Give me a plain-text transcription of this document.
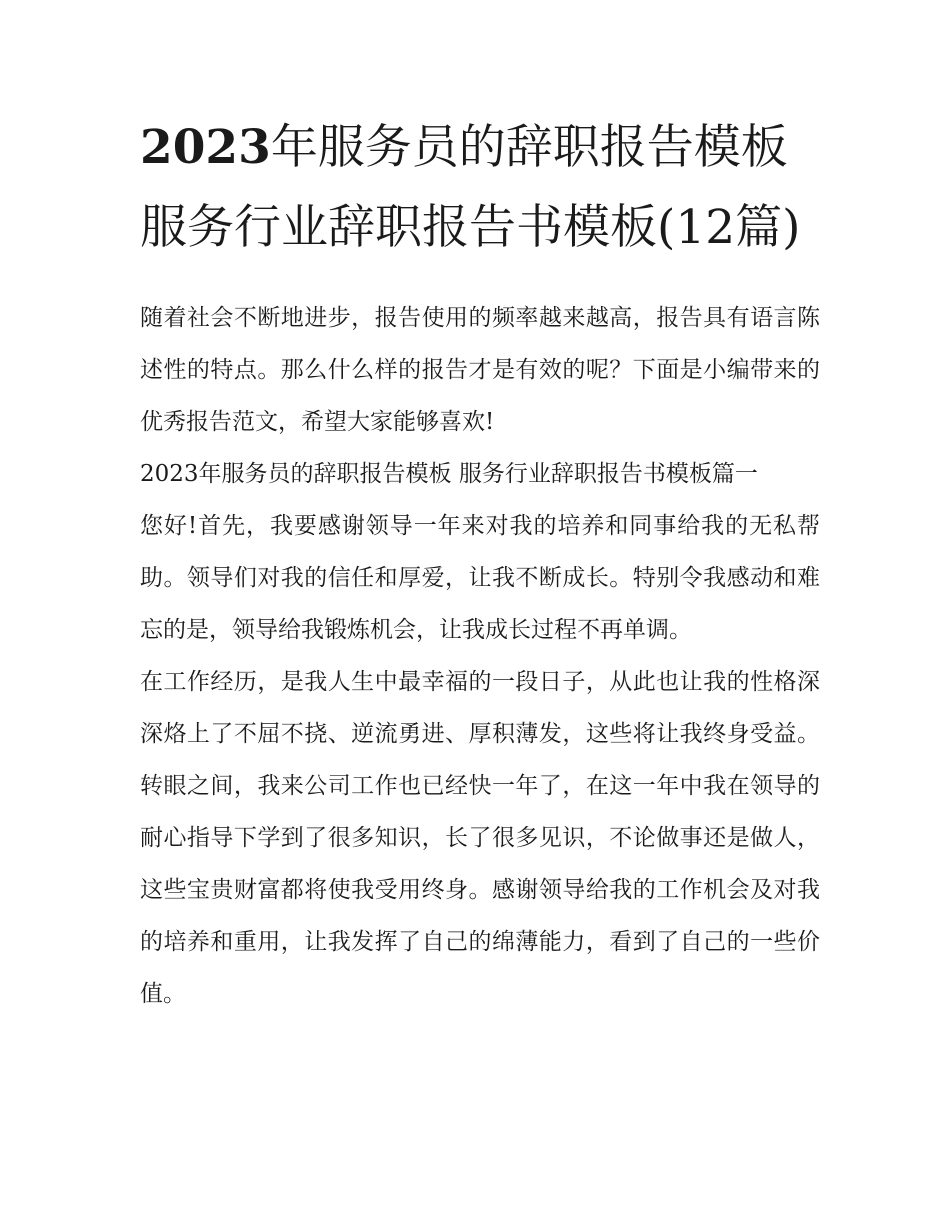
2023年服务员的辞职报告模板 服务行业辞职报告书模板(12篇)

随着社会不断地进步，报告使用的频率越来越高，报告具有语言陈述性的特点。那么什么样的报告才是有效的呢？下面是小编带来的优秀报告范文，希望大家能够喜欢!

2023年服务员的辞职报告模板 服务行业辞职报告书模板篇一

您好!首先，我要感谢领导一年来对我的培养和同事给我的无私帮助。领导们对我的信任和厚爱，让我不断成长。特别令我感动和难忘的是，领导给我锻炼机会，让我成长过程不再单调。

在工作经历，是我人生中最幸福的一段日子，从此也让我的性格深深烙上了不屈不挠、逆流勇进、厚积薄发，这些将让我终身受益。转眼之间，我来公司工作也已经快一年了，在这一年中我在领导的耐心指导下学到了很多知识，长了很多见识，不论做事还是做人，这些宝贵财富都将使我受用终身。感谢领导给我的工作机会及对我的培养和重用，让我发挥了自己的绵薄能力，看到了自己的一些价值。
